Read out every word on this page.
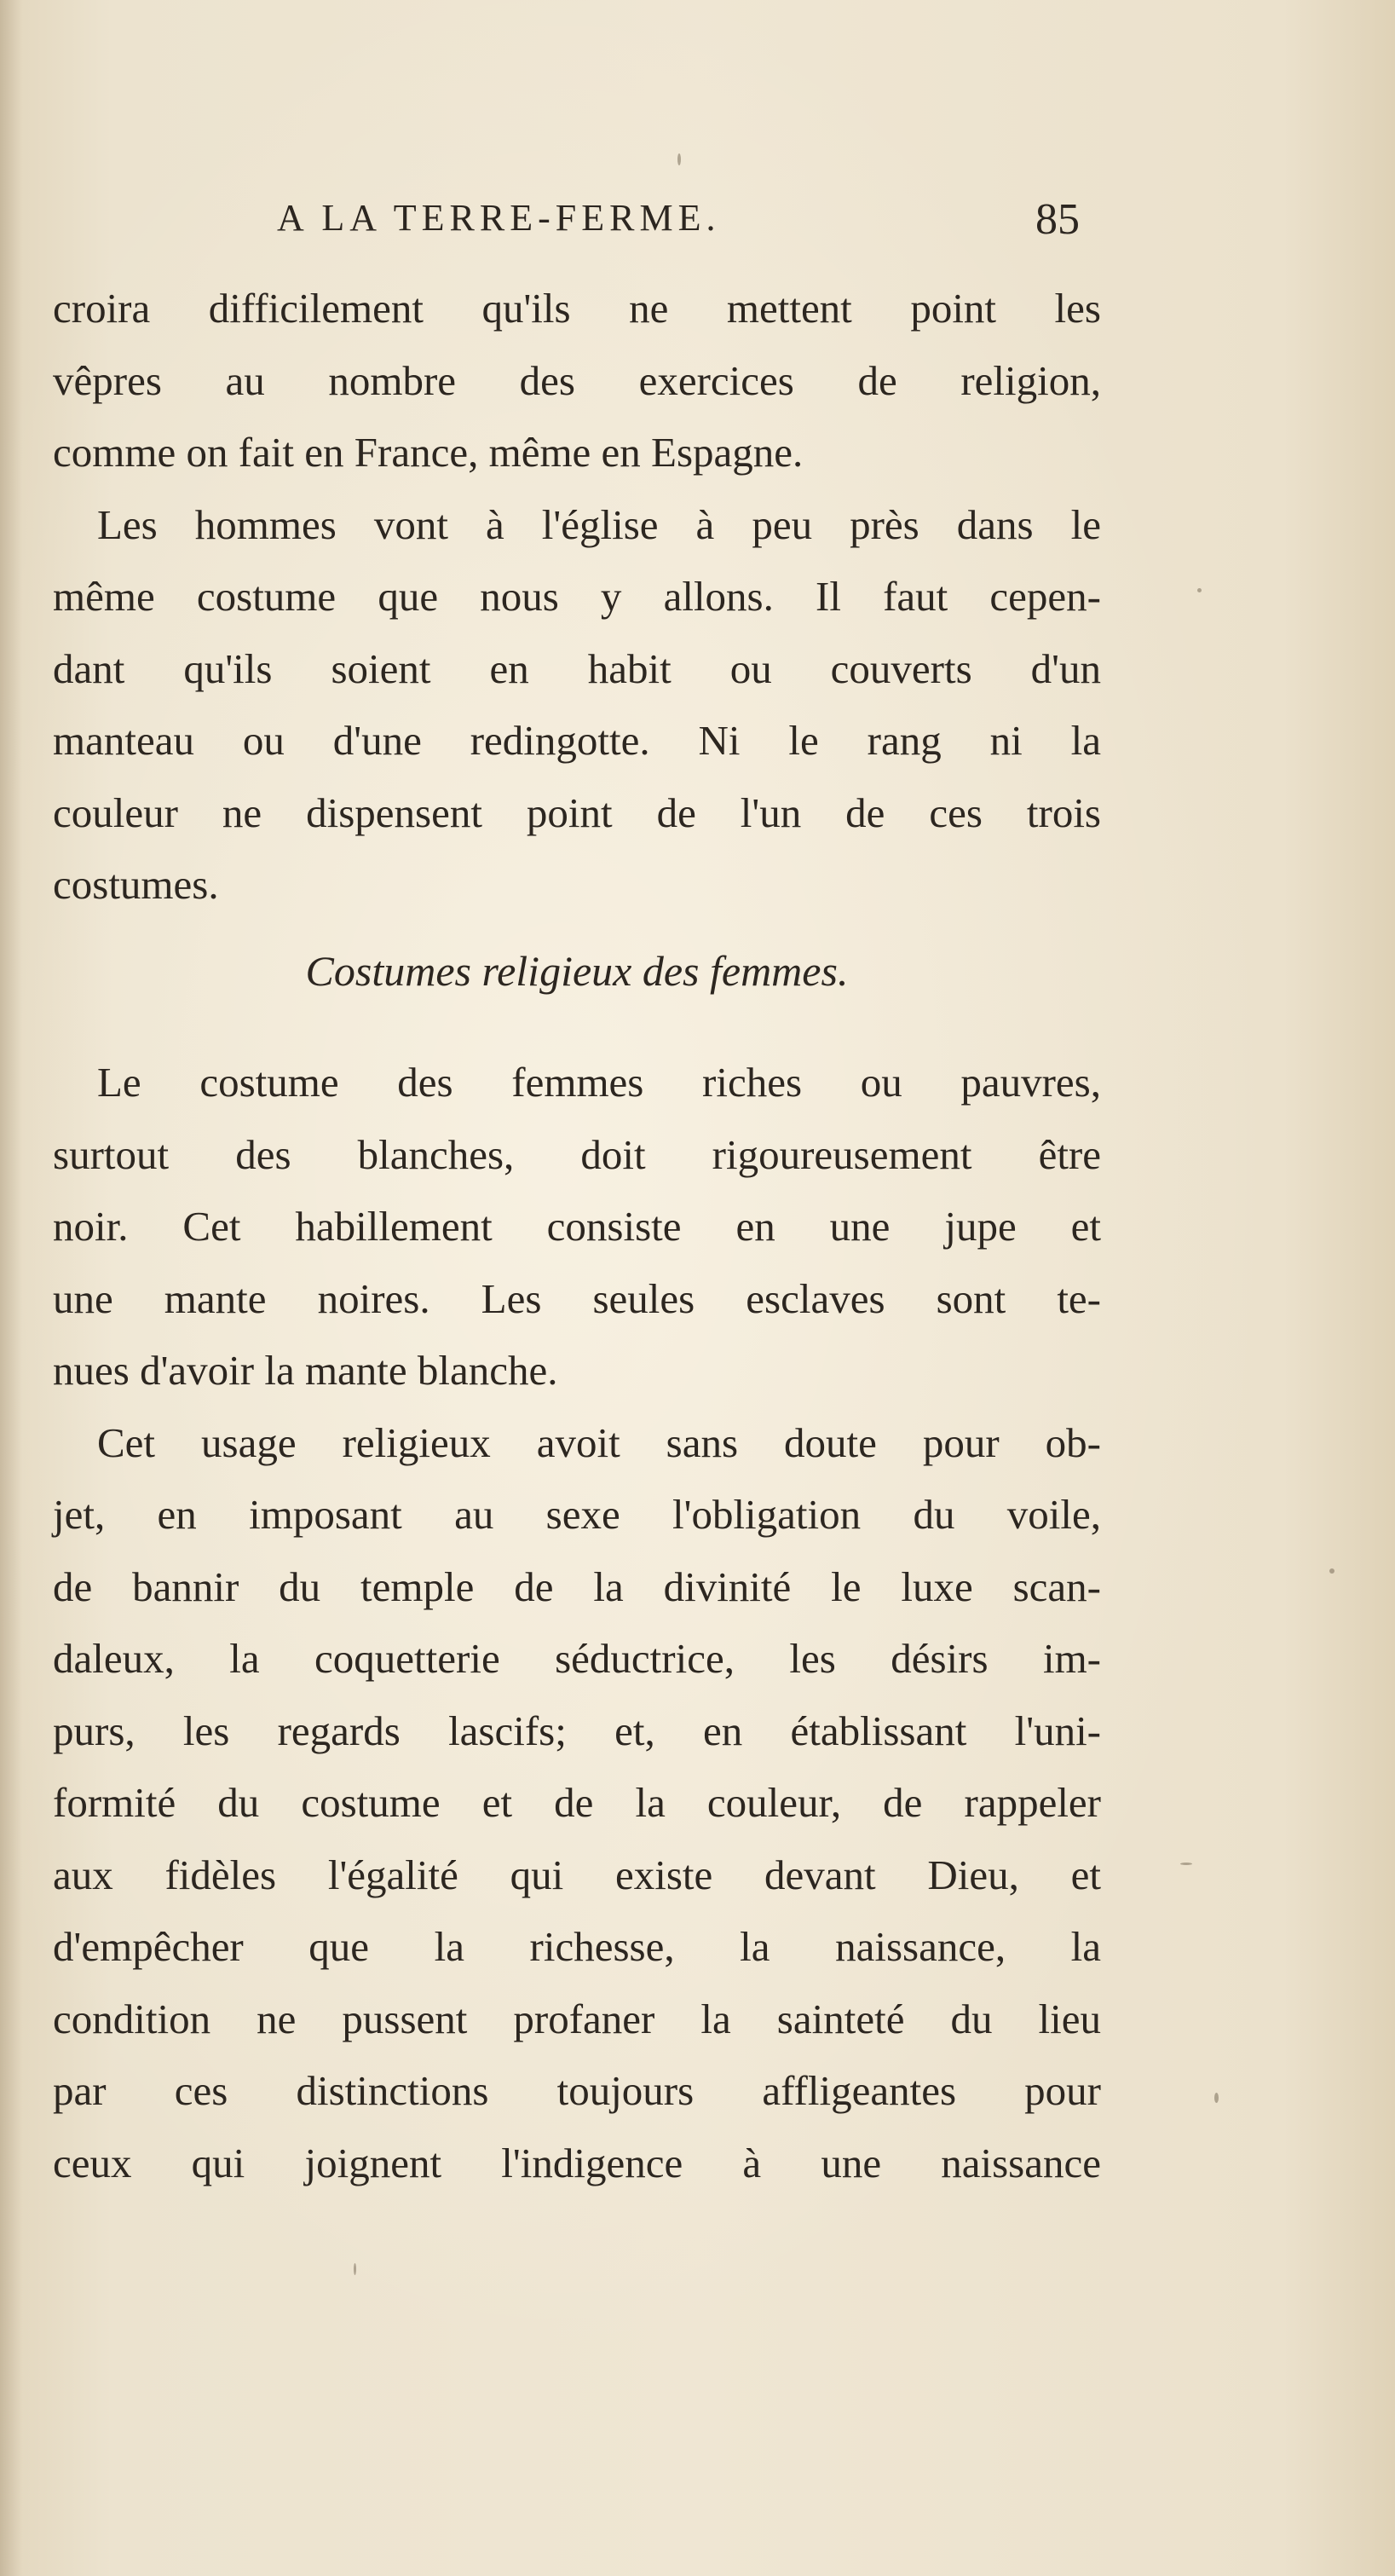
A LA TERRE-FERME.	85
croira difficilement qu'ils ne mettent point les
vêpres au nombre des exercices de religion,
comme on fait en France, même en Espagne.
Les hommes vont à l'église à peu près dans le
même costume que nous y allons. Il faut cepen-
dant qu'ils soient en habit ou couverts d'un
manteau ou d'une redingotte. Ni le rang ni la
couleur ne dispensent point de l'un de ces trois
costumes.
Costumes religieux des femmes.
Le costume des femmes riches ou pauvres,
surtout des blanches, doit rigoureusement être
noir. Cet habillement consiste en une jupe et
une mante noires. Les seules esclaves sont te-
nues d'avoir la mante blanche.
Cet usage religieux avoit sans doute pour ob-
jet, en imposant au sexe l'obligation du voile,
de bannir du temple de la divinité le luxe scan-
daleux, la coquetterie séductrice, les désirs im-
purs, les regards lascifs; et, en établissant l'uni-
formité du costume et de la couleur, de rappeler
aux fidèles l'égalité qui existe devant Dieu, et
d'empêcher que la richesse, la naissance, la
condition ne pussent profaner la sainteté du lieu
par ces distinctions toujours affligeantes pour
ceux qui joignent l'indigence à une naissance
